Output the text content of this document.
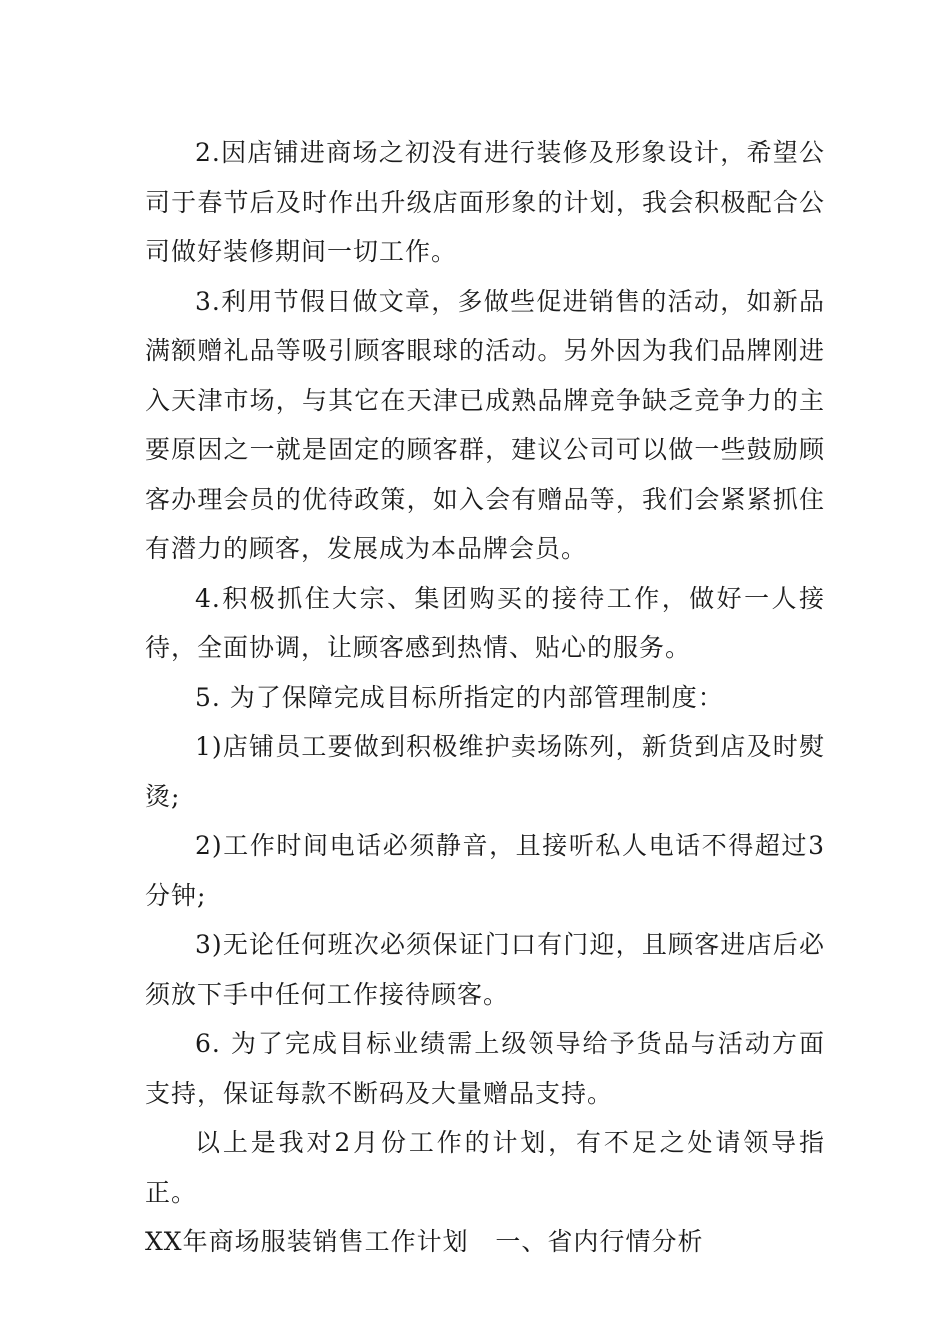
2.因店铺进商场之初没有进行装修及形象设计，希望公司于春节后及时作出升级店面形象的计划，我会积极配合公司做好装修期间一切工作。

3.利用节假日做文章，多做些促进销售的活动，如新品满额赠礼品等吸引顾客眼球的活动。另外因为我们品牌刚进入天津市场，与其它在天津已成熟品牌竞争缺乏竞争力的主要原因之一就是固定的顾客群，建议公司可以做一些鼓励顾客办理会员的优待政策，如入会有赠品等，我们会紧紧抓住有潜力的顾客，发展成为本品牌会员。

4.积极抓住大宗、集团购买的接待工作，做好一人接待，全面协调，让顾客感到热情、贴心的服务。

5. 为了保障完成目标所指定的内部管理制度：

1)店铺员工要做到积极维护卖场陈列，新货到店及时熨烫;

2)工作时间电话必须静音，且接听私人电话不得超过3分钟;

3)无论任何班次必须保证门口有门迎，且顾客进店后必须放下手中任何工作接待顾客。

6. 为了完成目标业绩需上级领导给予货品与活动方面支持，保证每款不断码及大量赠品支持。

以上是我对2月份工作的计划，有不足之处请领导指正。

XX年商场服装销售工作计划   一、省内行情分析
